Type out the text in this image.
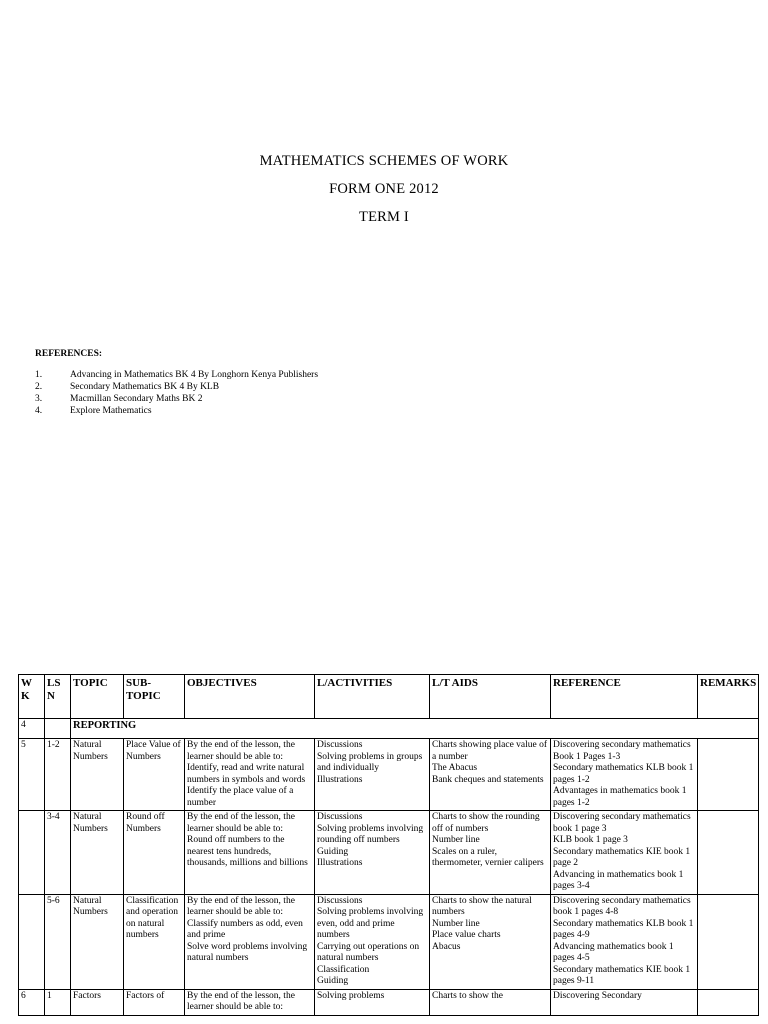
MATHEMATICS SCHEMES OF WORK
FORM ONE 2012
TERM I
REFERENCES:
1.	Advancing in Mathematics BK 4 By Longhorn Kenya Publishers
2.	Secondary Mathematics BK 4 By KLB
3.	Macmillan Secondary Maths BK 2
4.	Explore Mathematics
W K	LS N	TOPIC	SUB-TOPIC	OBJECTIVES	L/ACTIVITIES	L/T AIDS	REFERENCE	REMARKS
4		REPORTING						
5	1-2	Natural Numbers	Place Value of Numbers	By the end of the lesson, the learner should be able to:
Identify, read and write natural numbers in symbols and words
Identify the place value of a number	Discussions
Solving problems in groups and individually
Illustrations	Charts showing place value of a number
The Abacus
Bank cheques and statements	Discovering secondary mathematics Book 1 Pages 1-3
Secondary mathematics KLB book 1 pages 1-2
Advantages in mathematics book 1 pages 1-2	

	3-4	Natural Numbers	Round off Numbers	By the end of the lesson, the learner should be able to:
Round off numbers to the nearest tens hundreds, thousands, millions and billions	Discussions
Solving problems involving rounding off numbers
Guiding
Illustrations	Charts to show the rounding off of numbers
Number line
Scales on a ruler, thermometer, vernier calipers	Discovering secondary mathematics book 1 page 3
KLB book 1 page 3
Secondary mathematics KIE book 1 page 2
Advancing in mathematics book 1 pages 3-4	

	5-6	Natural Numbers	Classification and operation on natural numbers	By the end of the lesson, the learner should be able to:
Classify numbers as odd, even and prime
Solve word problems involving natural numbers	Discussions
Solving problems involving even, odd and prime numbers
Carrying out operations on natural numbers
Classification
Guiding	Charts to show the natural numbers
Number line
Place value charts
Abacus	Discovering secondary mathematics book 1 pages 4-8
Secondary mathematics KLB book 1 pages 4-9
Advancing mathematics book 1 pages 4-5
Secondary mathematics KIE book 1 pages 9-11	

6	1	Factors	Factors of	By the end of the lesson, the learner should be able to:	Solving problems	Charts to show the	Discovering Secondary	
